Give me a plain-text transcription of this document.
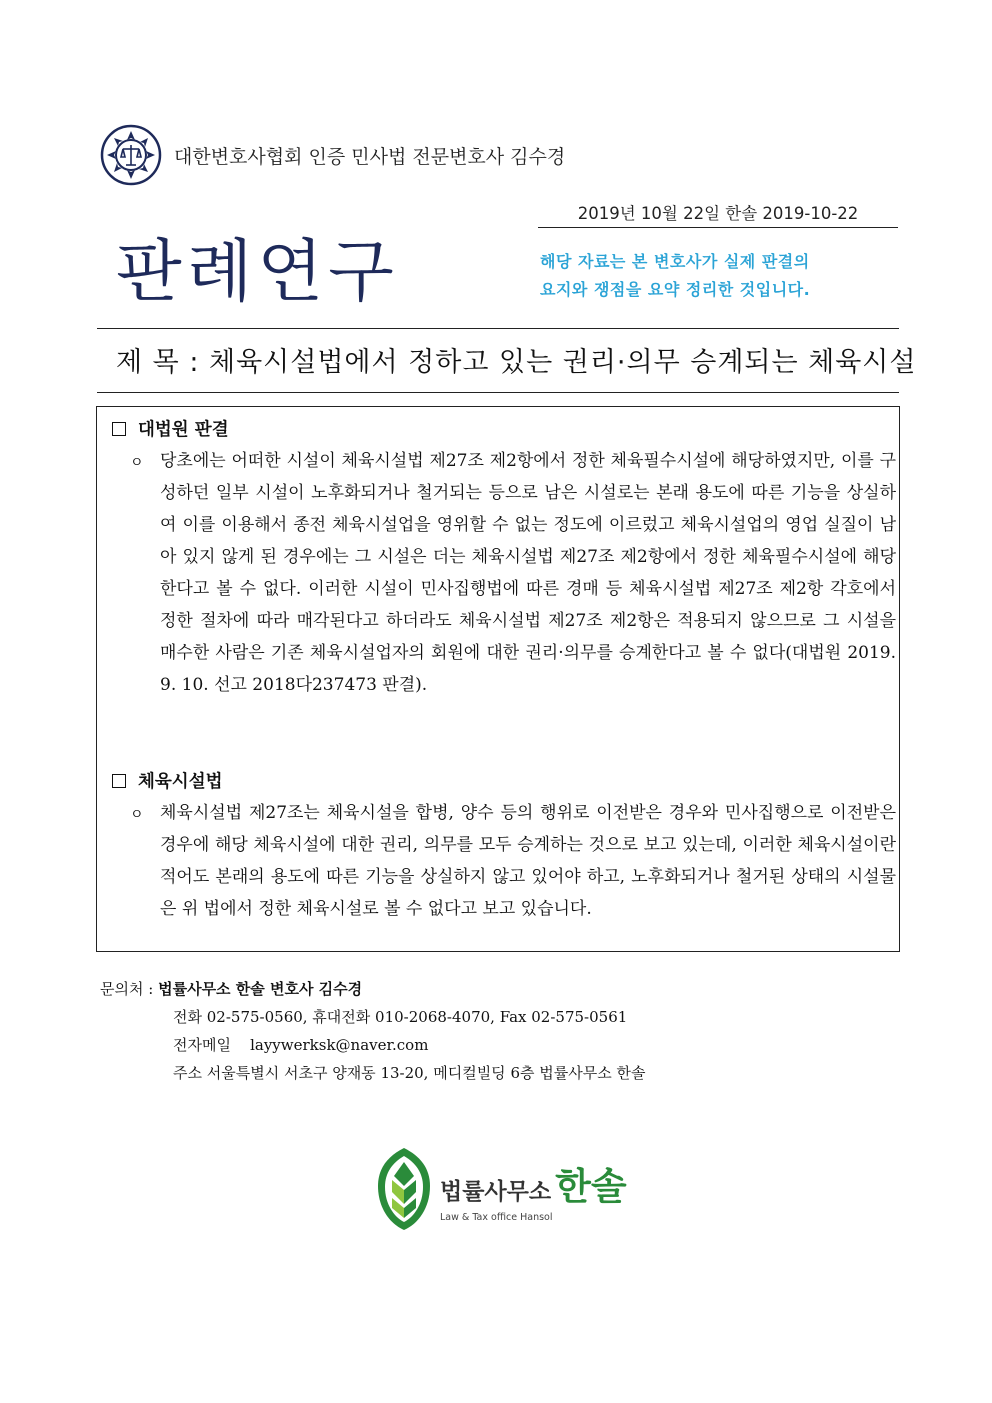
대한변호사협회 인증 민사법 전문변호사 김수경
2019년 10월 22일 한솔 2019-10-22
판례연구	해당 자료는 본 변호사가 실제 판결의
요지와 쟁점을 요약 정리한 것입니다.
제 목 : 체육시설법에서 정하고 있는 권리·의무 승계되는 체육시설
대법원 판결
ㅇ 당초에는 어떠한 시설이 체육시설법 제27조 제2항에서 정한 체육필수시설에 해당하였지만, 이를 구성하던 일부 시설이 노후화되거나 철거되는 등으로 남은 시설로는 본래 용도에 따른 기능을 상실하여 이를 이용해서 종전 체육시설업을 영위할 수 없는 정도에 이르렀고 체육시설업의 영업 실질이 남아 있지 않게 된 경우에는 그 시설은 더는 체육시설법 제27조 제2항에서 정한 체육필수시설에 해당한다고 볼 수 없다. 이러한 시설이 민사집행법에 따른 경매 등 체육시설법 제27조 제2항 각호에서 정한 절차에 따라 매각된다고 하더라도 체육시설법 제27조 제2항은 적용되지 않으므로 그 시설을 매수한 사람은 기존 체육시설업자의 회원에 대한 권리·의무를 승계한다고 볼 수 없다(대법원 2019. 9. 10. 선고 2018다237473 판결).
체육시설법
ㅇ 체육시설법 제27조는 체육시설을 합병, 양수 등의 행위로 이전받은 경우와 민사집행으로 이전받은 경우에 해당 체육시설에 대한 권리, 의무를 모두 승계하는 것으로 보고 있는데, 이러한 체육시설이란 적어도 본래의 용도에 따른 기능을 상실하지 않고 있어야 하고, 노후화되거나 철거된 상태의 시설물은 위 법에서 정한 체육시설로 볼 수 없다고 보고 있습니다.
문의처 : 법률사무소 한솔 변호사 김수경
전화 02-575-0560, 휴대전화 010-2068-4070, Fax 02-575-0561
전자메일 layywerksk@naver.com
주소 서울특별시 서초구 양재동 13-20, 메디컬빌딩 6층 법률사무소 한솔
법률사무소 한솔
Law & Tax office Hansol
